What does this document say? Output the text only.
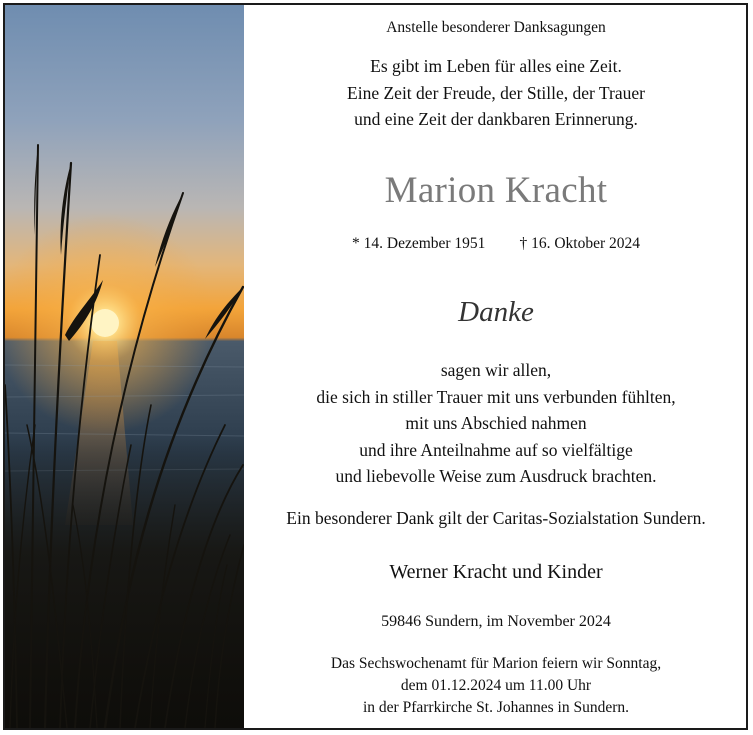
Anstelle besonderer Danksagungen
Es gibt im Leben für alles eine Zeit.
Eine Zeit der Freude, der Stille, der Trauer
und eine Zeit der dankbaren Erinnerung.
Marion Kracht
* 14. Dezember 1951 † 16. Oktober 2024
Danke
sagen wir allen,
die sich in stiller Trauer mit uns verbunden fühlten,
mit uns Abschied nahmen
und ihre Anteilnahme auf so vielfältige
und liebevolle Weise zum Ausdruck brachten.
Ein besonderer Dank gilt der Caritas-Sozialstation Sundern.
Werner Kracht und Kinder
59846 Sundern, im November 2024
Das Sechswochenamt für Marion feiern wir Sonntag,
dem 01.12.2024 um 11.00 Uhr
in der Pfarrkirche St. Johannes in Sundern.
